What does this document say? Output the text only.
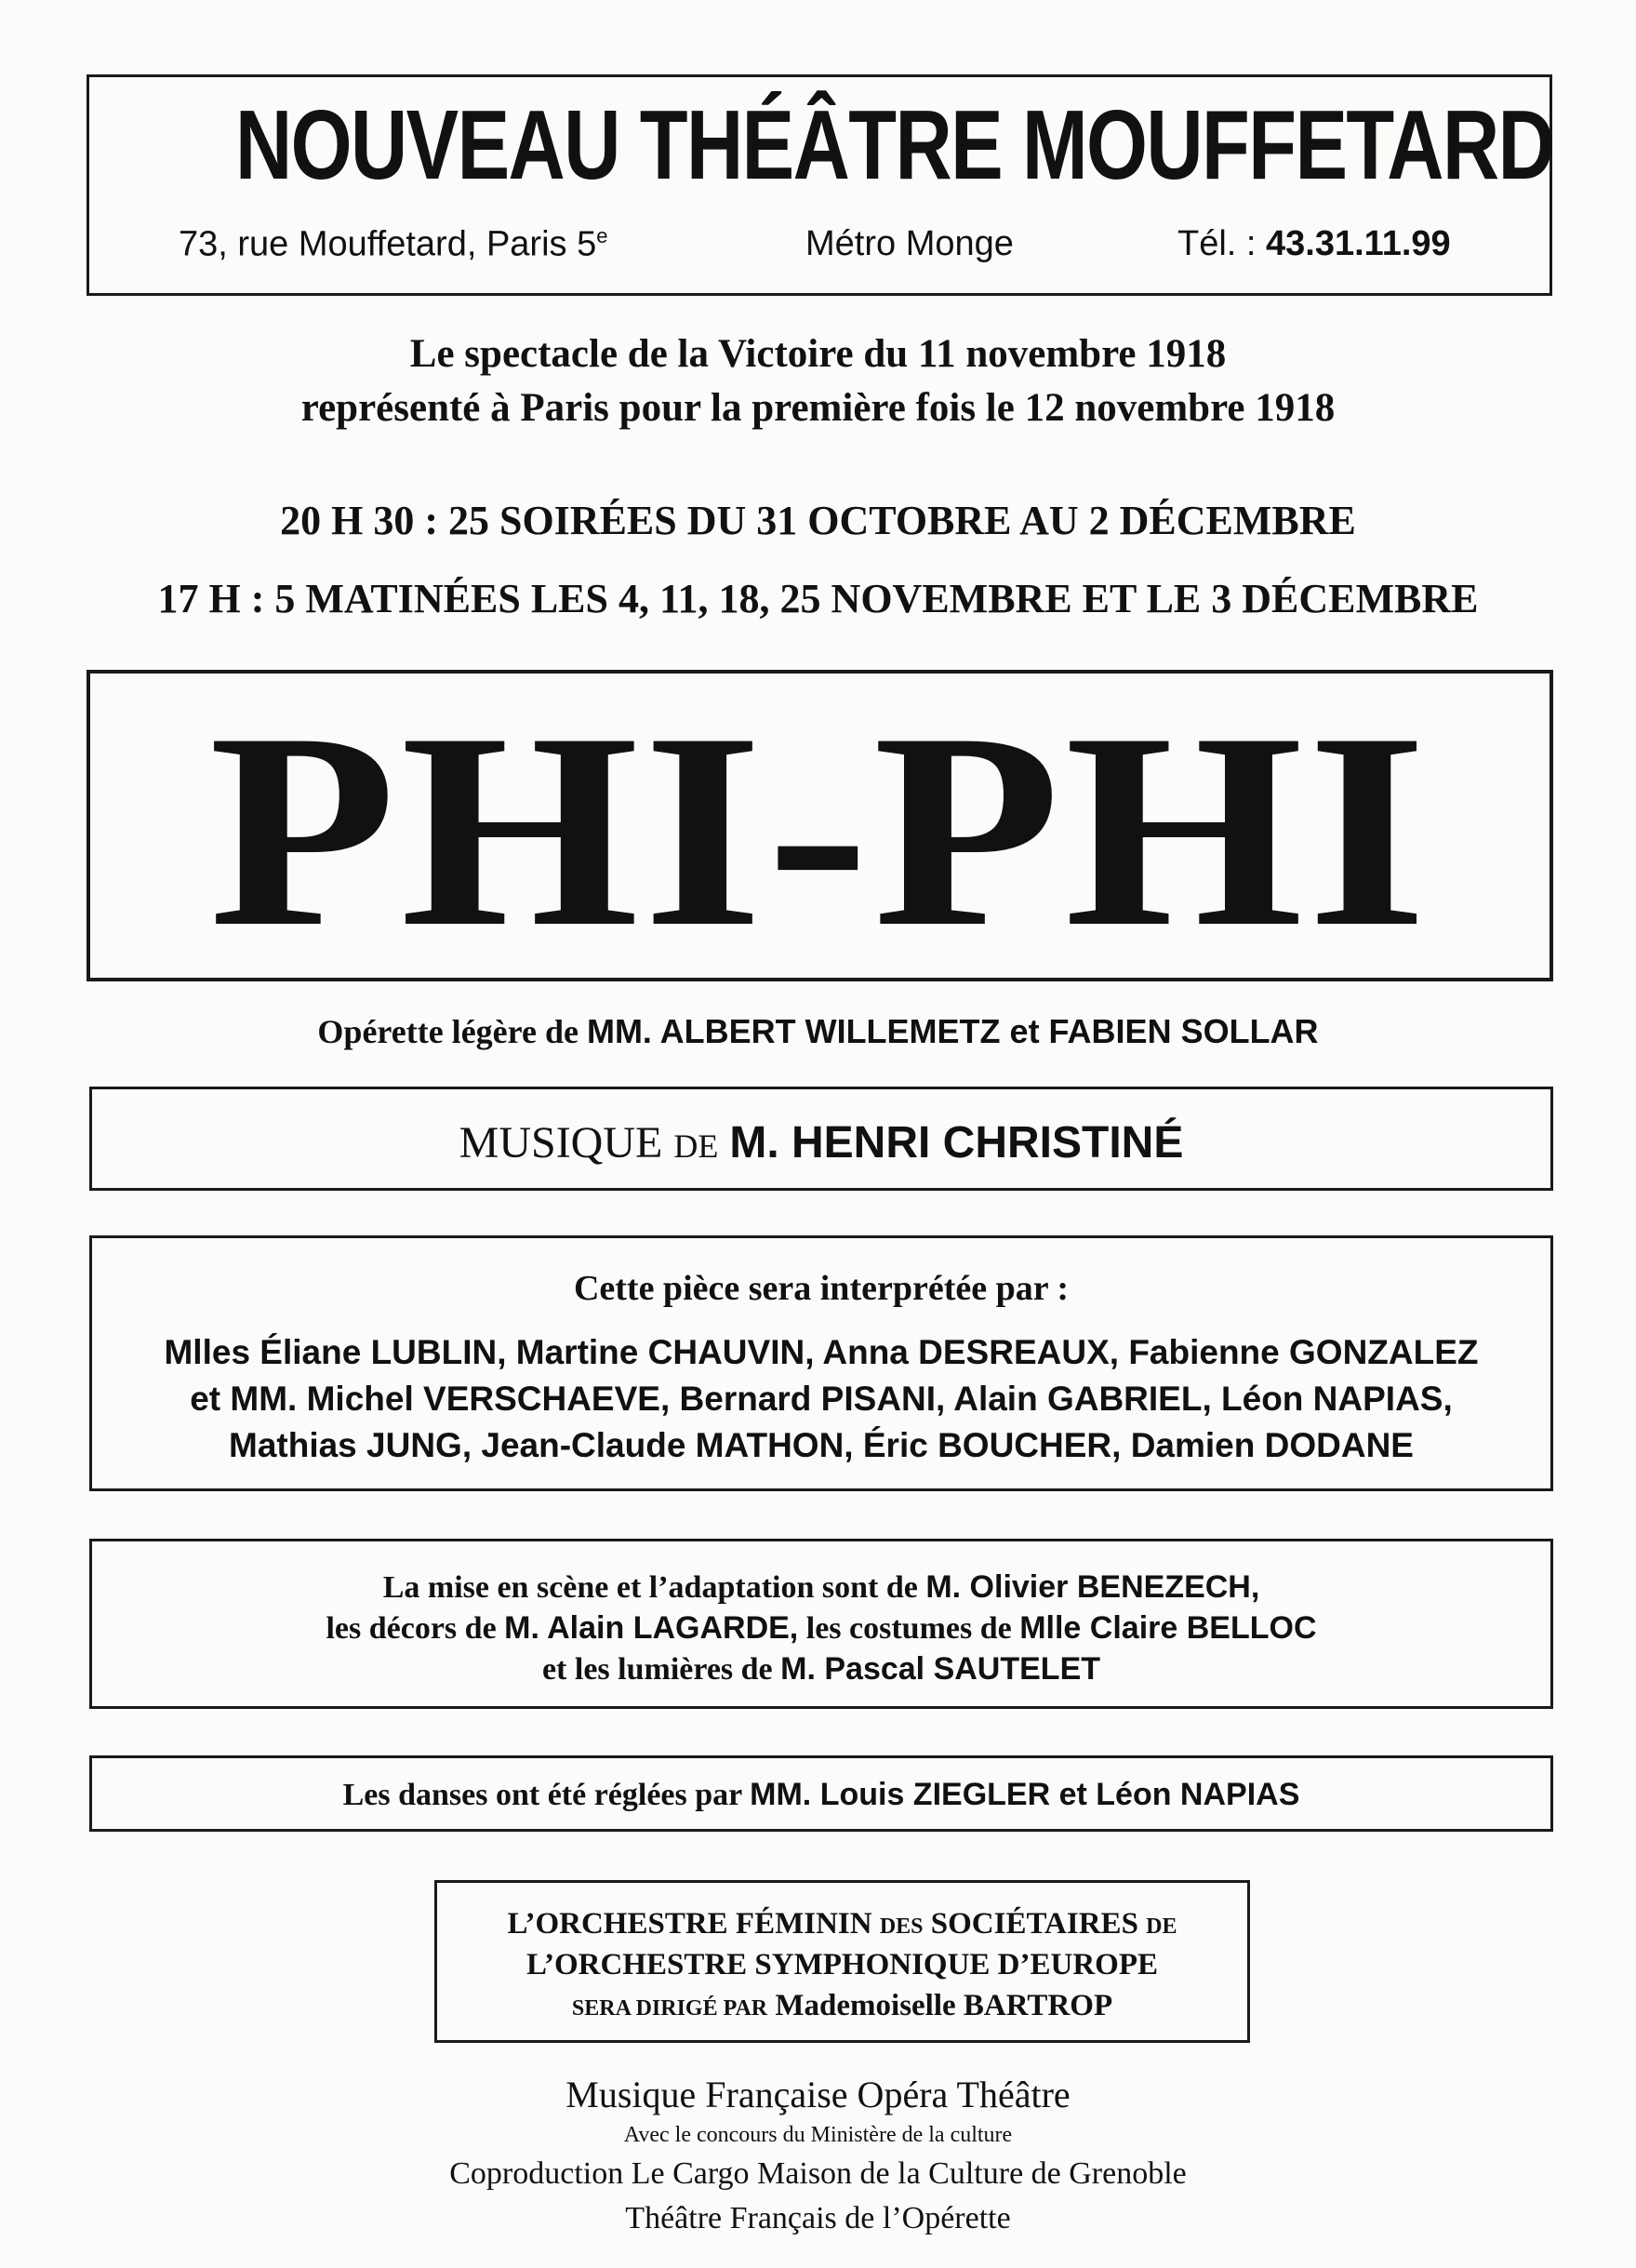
NOUVEAU THÉÂTRE MOUFFETARD
73, rue Mouffetard, Paris 5e	Métro Monge	Tél. : 43.31.11.99
Le spectacle de la Victoire du 11 novembre 1918
représenté à Paris pour la première fois le 12 novembre 1918
20 H 30 : 25 SOIRÉES DU 31 OCTOBRE AU 2 DÉCEMBRE
17 H : 5 MATINÉES LES 4, 11, 18, 25 NOVEMBRE ET LE 3 DÉCEMBRE
PHI-PHI
Opérette légère de MM. ALBERT WILLEMETZ et FABIEN SOLLAR
MUSIQUE DE M. HENRI CHRISTINÉ
Cette pièce sera interprétée par :
Mlles Éliane LUBLIN, Martine CHAUVIN, Anna DESREAUX, Fabienne GONZALEZ
et MM. Michel VERSCHAEVE, Bernard PISANI, Alain GABRIEL, Léon NAPIAS,
Mathias JUNG, Jean-Claude MATHON, Éric BOUCHER, Damien DODANE
La mise en scène et l’adaptation sont de M. Olivier BENEZECH,
les décors de M. Alain LAGARDE, les costumes de Mlle Claire BELLOC
et les lumières de M. Pascal SAUTELET
Les danses ont été réglées par MM. Louis ZIEGLER et Léon NAPIAS
L’ORCHESTRE FÉMININ DES SOCIÉTAIRES DE
L’ORCHESTRE SYMPHONIQUE D’EUROPE
SERA DIRIGÉ PAR Mademoiselle BARTROP
Musique Française Opéra Théâtre
Avec le concours du Ministère de la culture
Coproduction Le Cargo Maison de la Culture de Grenoble
Théâtre Français de l’Opérette
